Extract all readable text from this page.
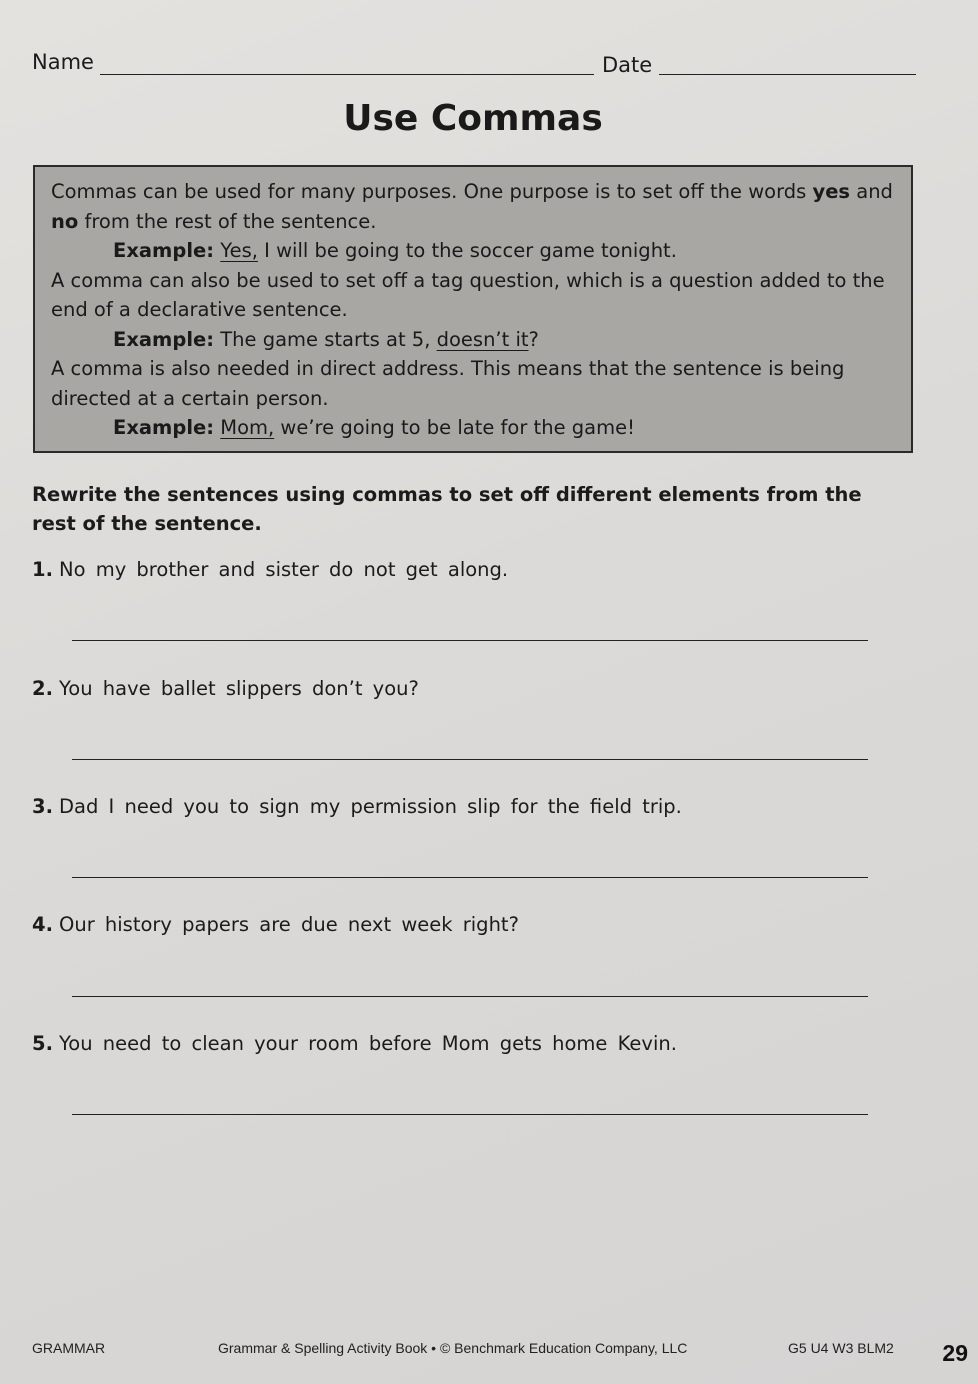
Name	Date
Use Commas

Commas can be used for many purposes. One purpose is to set off the words yes and
no from the rest of the sentence.

Example: Yes, I will be going to the soccer game tonight.

A comma can also be used to set off a tag question, which is a question added to the end of a declarative sentence.

Example: The game starts at 5, doesn’t it?

A comma is also needed in direct address. This means that the sentence is being directed at a certain person.

Example: Mom, we’re going to be late for the game!

Rewrite the sentences using commas to set off different elements from the rest of the sentence.
1. No my brother and sister do not get along.
2. You have ballet slippers don’t you?
3. Dad I need you to sign my permission slip for the field trip.
4. Our history papers are due next week right?
5. You need to clean your room before Mom gets home Kevin.
GRAMMAR	Grammar & Spelling Activity Book • © Benchmark Education Company, LLC	G5 U4 W3 BLM2 29
